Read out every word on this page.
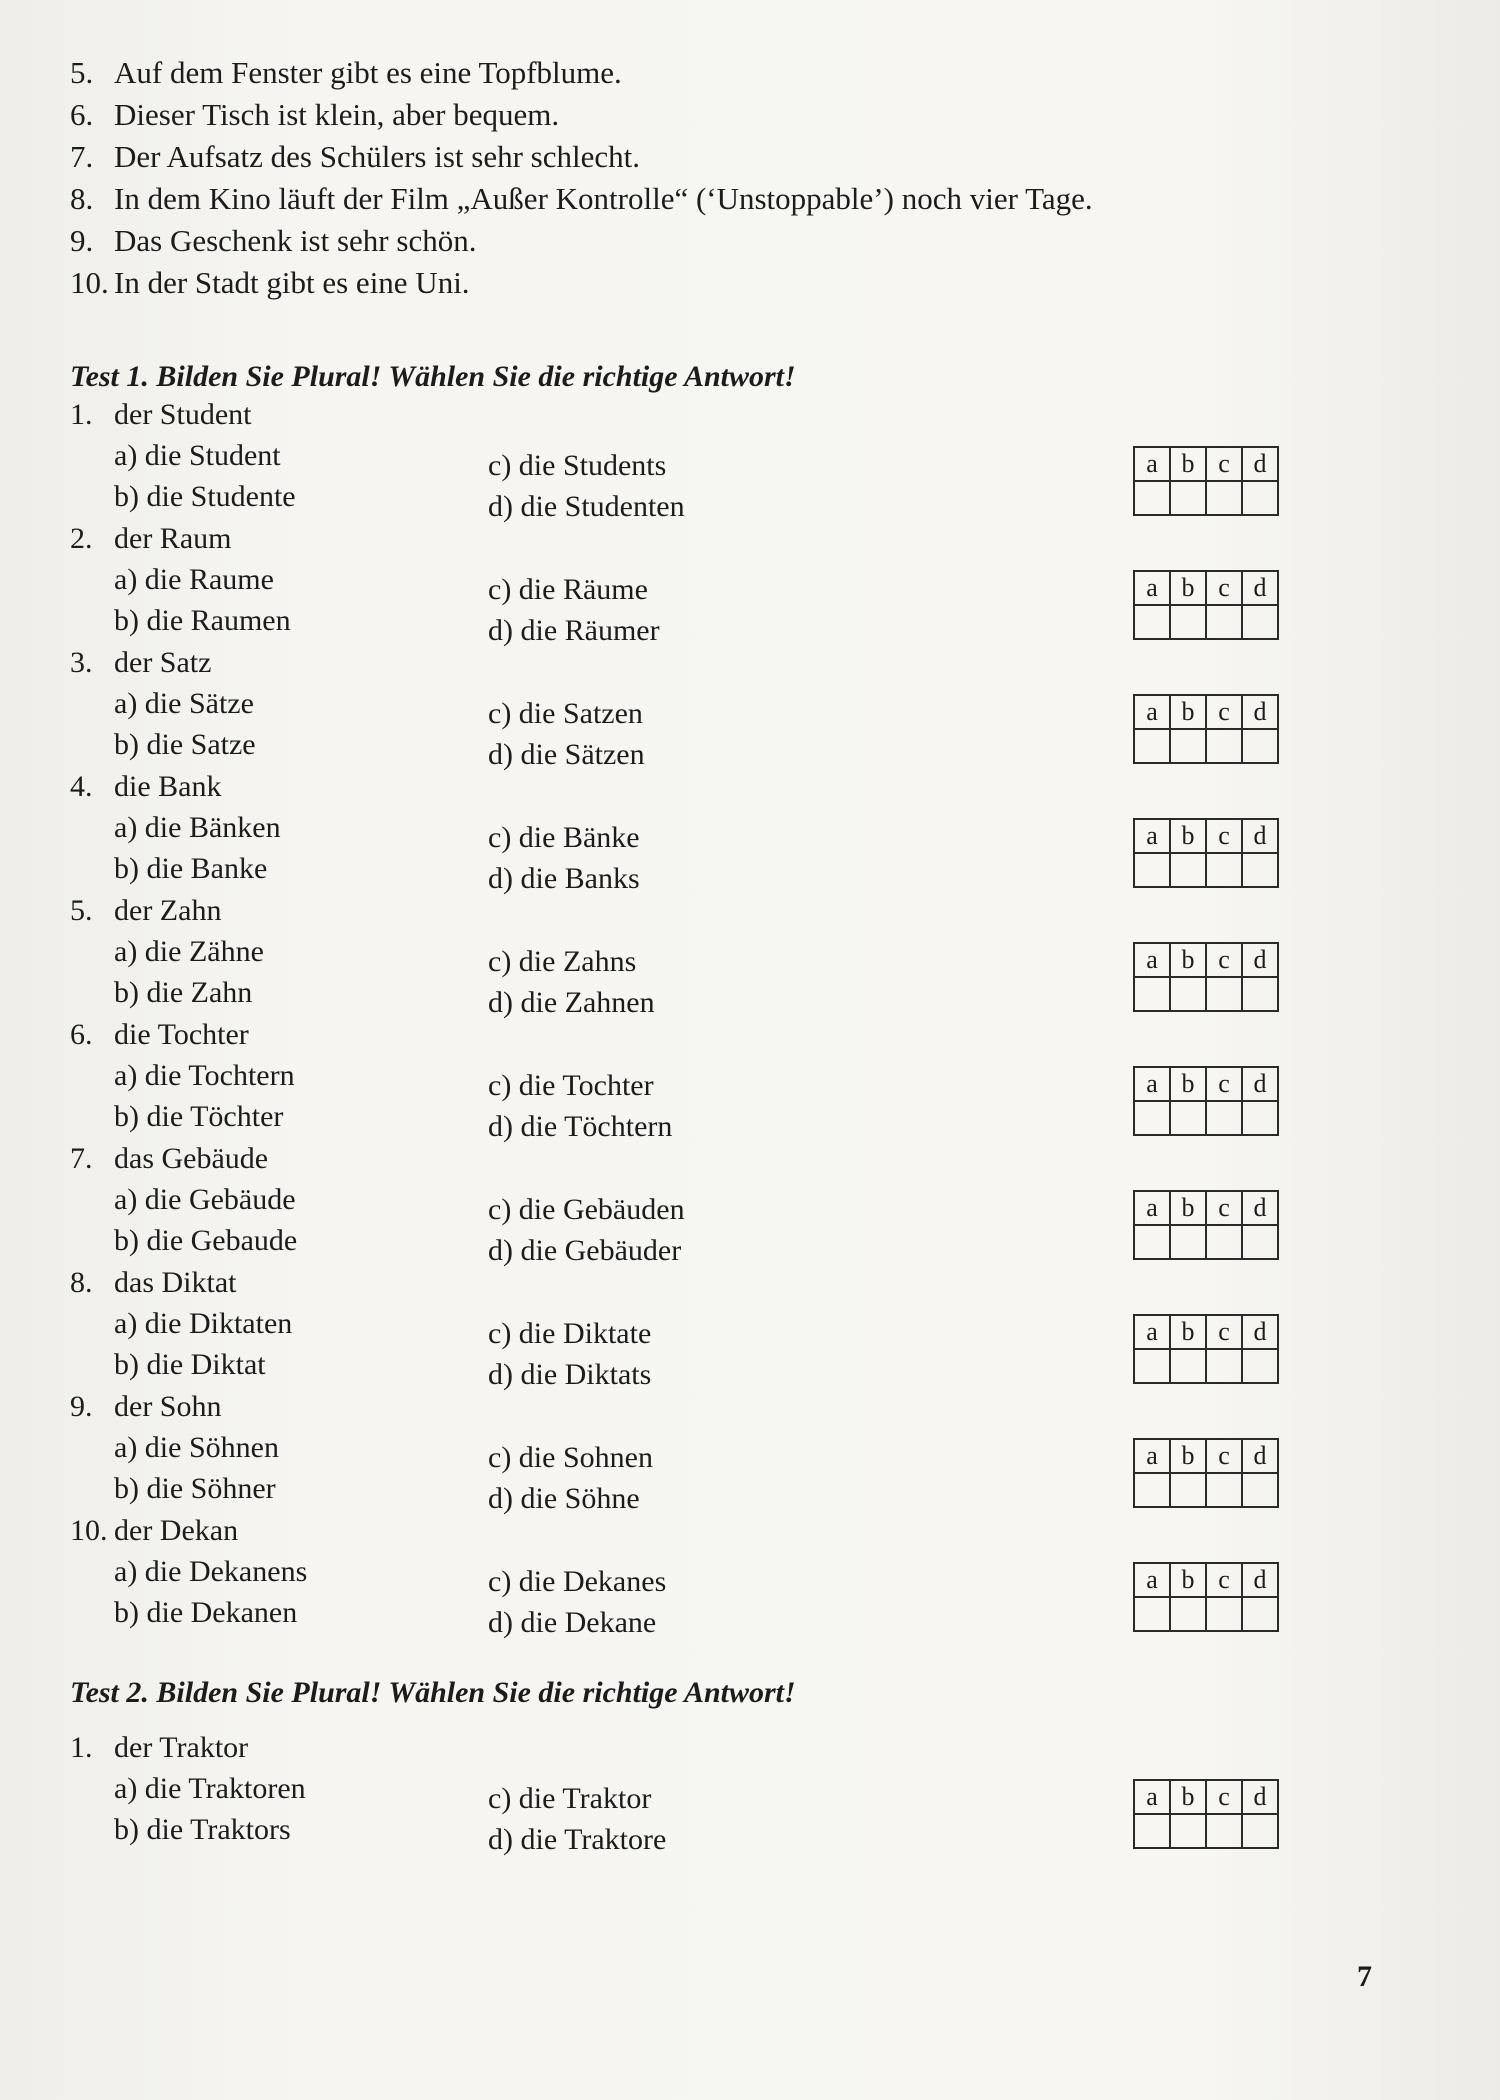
5. Auf dem Fenster gibt es eine Topfblume.
6. Dieser Tisch ist klein, aber bequem.
7. Der Aufsatz des Schülers ist sehr schlecht.
8. In dem Kino läuft der Film „Außer Kontrolle“ (‘Unstoppable’) noch vier Tage.
9. Das Geschenk ist sehr schön.
10. In der Stadt gibt es eine Uni.
Test 1. Bilden Sie Plural! Wählen Sie die richtige Antwort!
1. der Student
a) die Student
b) die Studente
c) die Students
d) die Studenten
a	b	c	d

2. der Raum
a) die Raume
b) die Raumen
c) die Räume
d) die Räumer
a	b	c	d

3. der Satz
a) die Sätze
b) die Satze
c) die Satzen
d) die Sätzen
a	b	c	d

4. die Bank
a) die Bänken
b) die Banke
c) die Bänke
d) die Banks
a	b	c	d

5. der Zahn
a) die Zähne
b) die Zahn
c) die Zahns
d) die Zahnen
a	b	c	d

6. die Tochter
a) die Tochtern
b) die Töchter
c) die Tochter
d) die Töchtern
a	b	c	d

7. das Gebäude
a) die Gebäude
b) die Gebaude
c) die Gebäuden
d) die Gebäuder
a	b	c	d

8. das Diktat
a) die Diktaten
b) die Diktat
c) die Diktate
d) die Diktats
a	b	c	d

9. der Sohn
a) die Söhnen
b) die Söhner
c) die Sohnen
d) die Söhne
a	b	c	d

10. der Dekan
a) die Dekanens
b) die Dekanen
c) die Dekanes
d) die Dekane
a	b	c	d

Test 2. Bilden Sie Plural! Wählen Sie die richtige Antwort!
1. der Traktor
a) die Traktoren
b) die Traktors
c) die Traktor
d) die Traktore
a	b	c	d

7
